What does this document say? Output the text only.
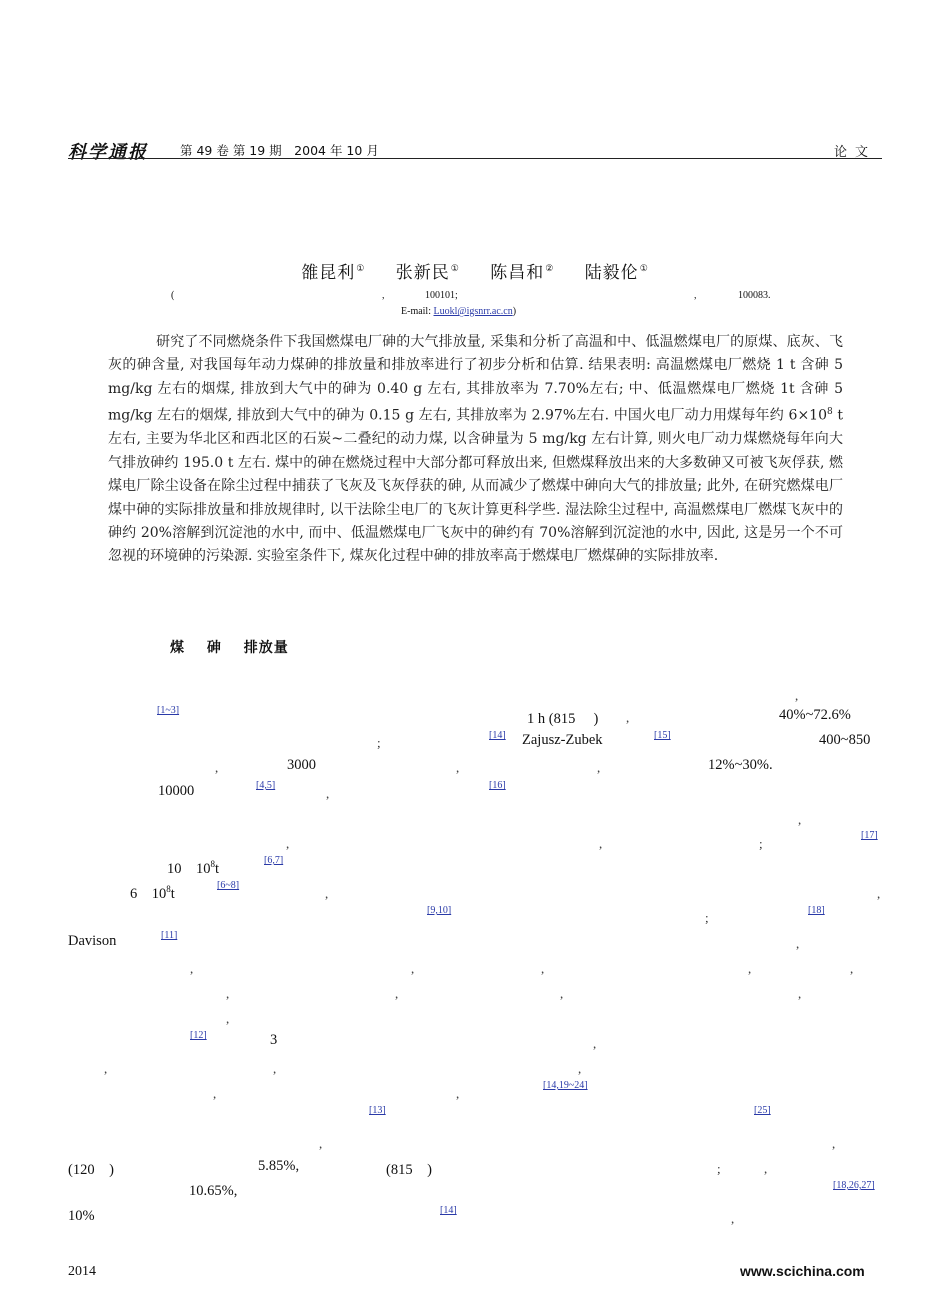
科学通报	第 49 卷 第 19 期　2004 年 10 月	论文
雒昆利① 张新民① 陈昌和② 陆毅伦①
(	,	100101;	,	100083.
E-mail: Luokl@igsnrr.ac.cn)
研究了不同燃烧条件下我国燃煤电厂砷的大气排放量, 采集和分析了高温和中、低温燃煤电厂的原煤、底灰、飞灰的砷含量, 对我国每年动力煤砷的排放量和排放率进行了初步分析和估算. 结果表明: 高温燃煤电厂燃烧 1 t 含砷 5 mg/kg 左右的烟煤, 排放到大气中的砷为 0.40 g 左右, 其排放率为 7.70%左右; 中、低温燃煤电厂燃烧 1t 含砷 5 mg/kg 左右的烟煤, 排放到大气中的砷为 0.15 g 左右, 其排放率为 2.97%左右. 中国火电厂动力用煤每年约 $6\times 10^8$ t 左右, 主要为华北区和西北区的石炭~二叠纪的动力煤, 以含砷量为 5 mg/kg 左右计算, 则火电厂动力煤燃烧每年向大气排放砷约 195.0 t 左右. 煤中的砷在燃烧过程中大部分都可释放出来, 但燃煤释放出来的大多数砷又可被飞灰俘获, 燃煤电厂除尘设备在除尘过程中捕获了飞灰及飞灰俘获的砷, 从而减少了燃煤中砷向大气的排放量; 此外, 在研究燃煤电厂煤中砷的实际排放量和排放规律时, 以干法除尘电厂的飞灰计算更科学些. 湿法除尘过程中, 高温燃煤电厂燃煤飞灰中的砷约 20%溶解到沉淀池的水中, 而中、低温燃煤电厂飞灰中的砷约有 70%溶解到沉淀池的水中, 因此, 这是另一个不可忽视的环境砷的污染源. 实验室条件下, 煤灰化过程中砷的排放率高于燃煤电厂燃煤砷的实际排放率.
煤 砷 排放量
1 h (815 　)	40%~72.6%
Zajusz-Zubek	400~850
3000	12%~30%.
10000
10　$10^8t$
6　$10^8t$
Davison
3
(120　)	5.85%,	(815　)
10.65%,
10%
[1~3]
[14]	[15]
[4,5]	[16]
[17]
[6,7]
[6~8]
[9,10]	[18]
[11]
[12]
[14,19~24]
[13]	[25]
[18,26,27]
[14]
,
,
;
,	,	,
,
,
,	,	;
,	,
;
,
,	,	,	,	,
,	,	,	,
,
,
,	,	,
,	,
,	,
;	,
,
2014	www.scichina.com
